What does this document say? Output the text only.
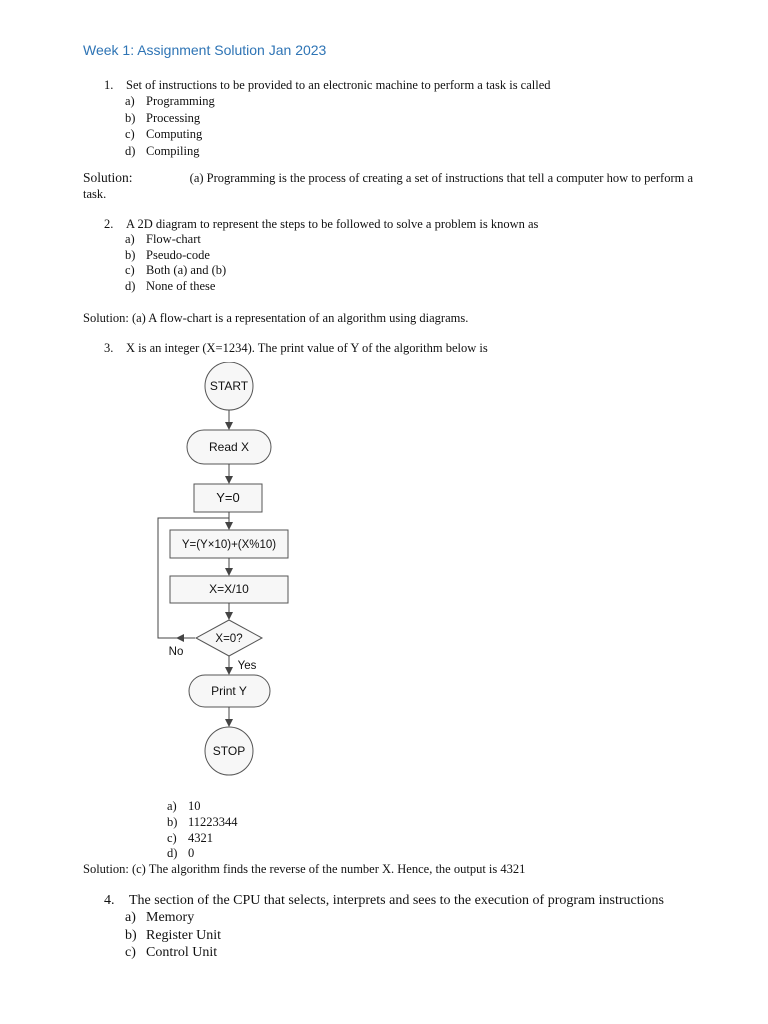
Week 1: Assignment Solution Jan 2023
1. Set of instructions to be provided to an electronic machine to perform a task is called
a) Programming
b) Processing
c) Computing
d) Compiling
Solution:	(a) Programming is the process of creating a set of instructions that tell a computer how to perform a
task.
2. A 2D diagram to represent the steps to be followed to solve a problem is known as
a) Flow-chart
b) Pseudo-code
c) Both (a) and (b)
d) None of these
Solution: (a) A flow-chart is a representation of an algorithm using diagrams.
3. X is an integer (X=1234). The print value of Y of the algorithm below is
START
Read X
Y=0
Y=(Y×10)+(X%10)
X=X/10
X=0?
No
Yes
Print Y
STOP
a) 10
b) 11223344
c) 4321
d) 0
Solution: (c) The algorithm finds the reverse of the number X. Hence, the output is 4321
4. The section of the CPU that selects, interprets and sees to the execution of program instructions
a) Memory
b) Register Unit
c) Control Unit
